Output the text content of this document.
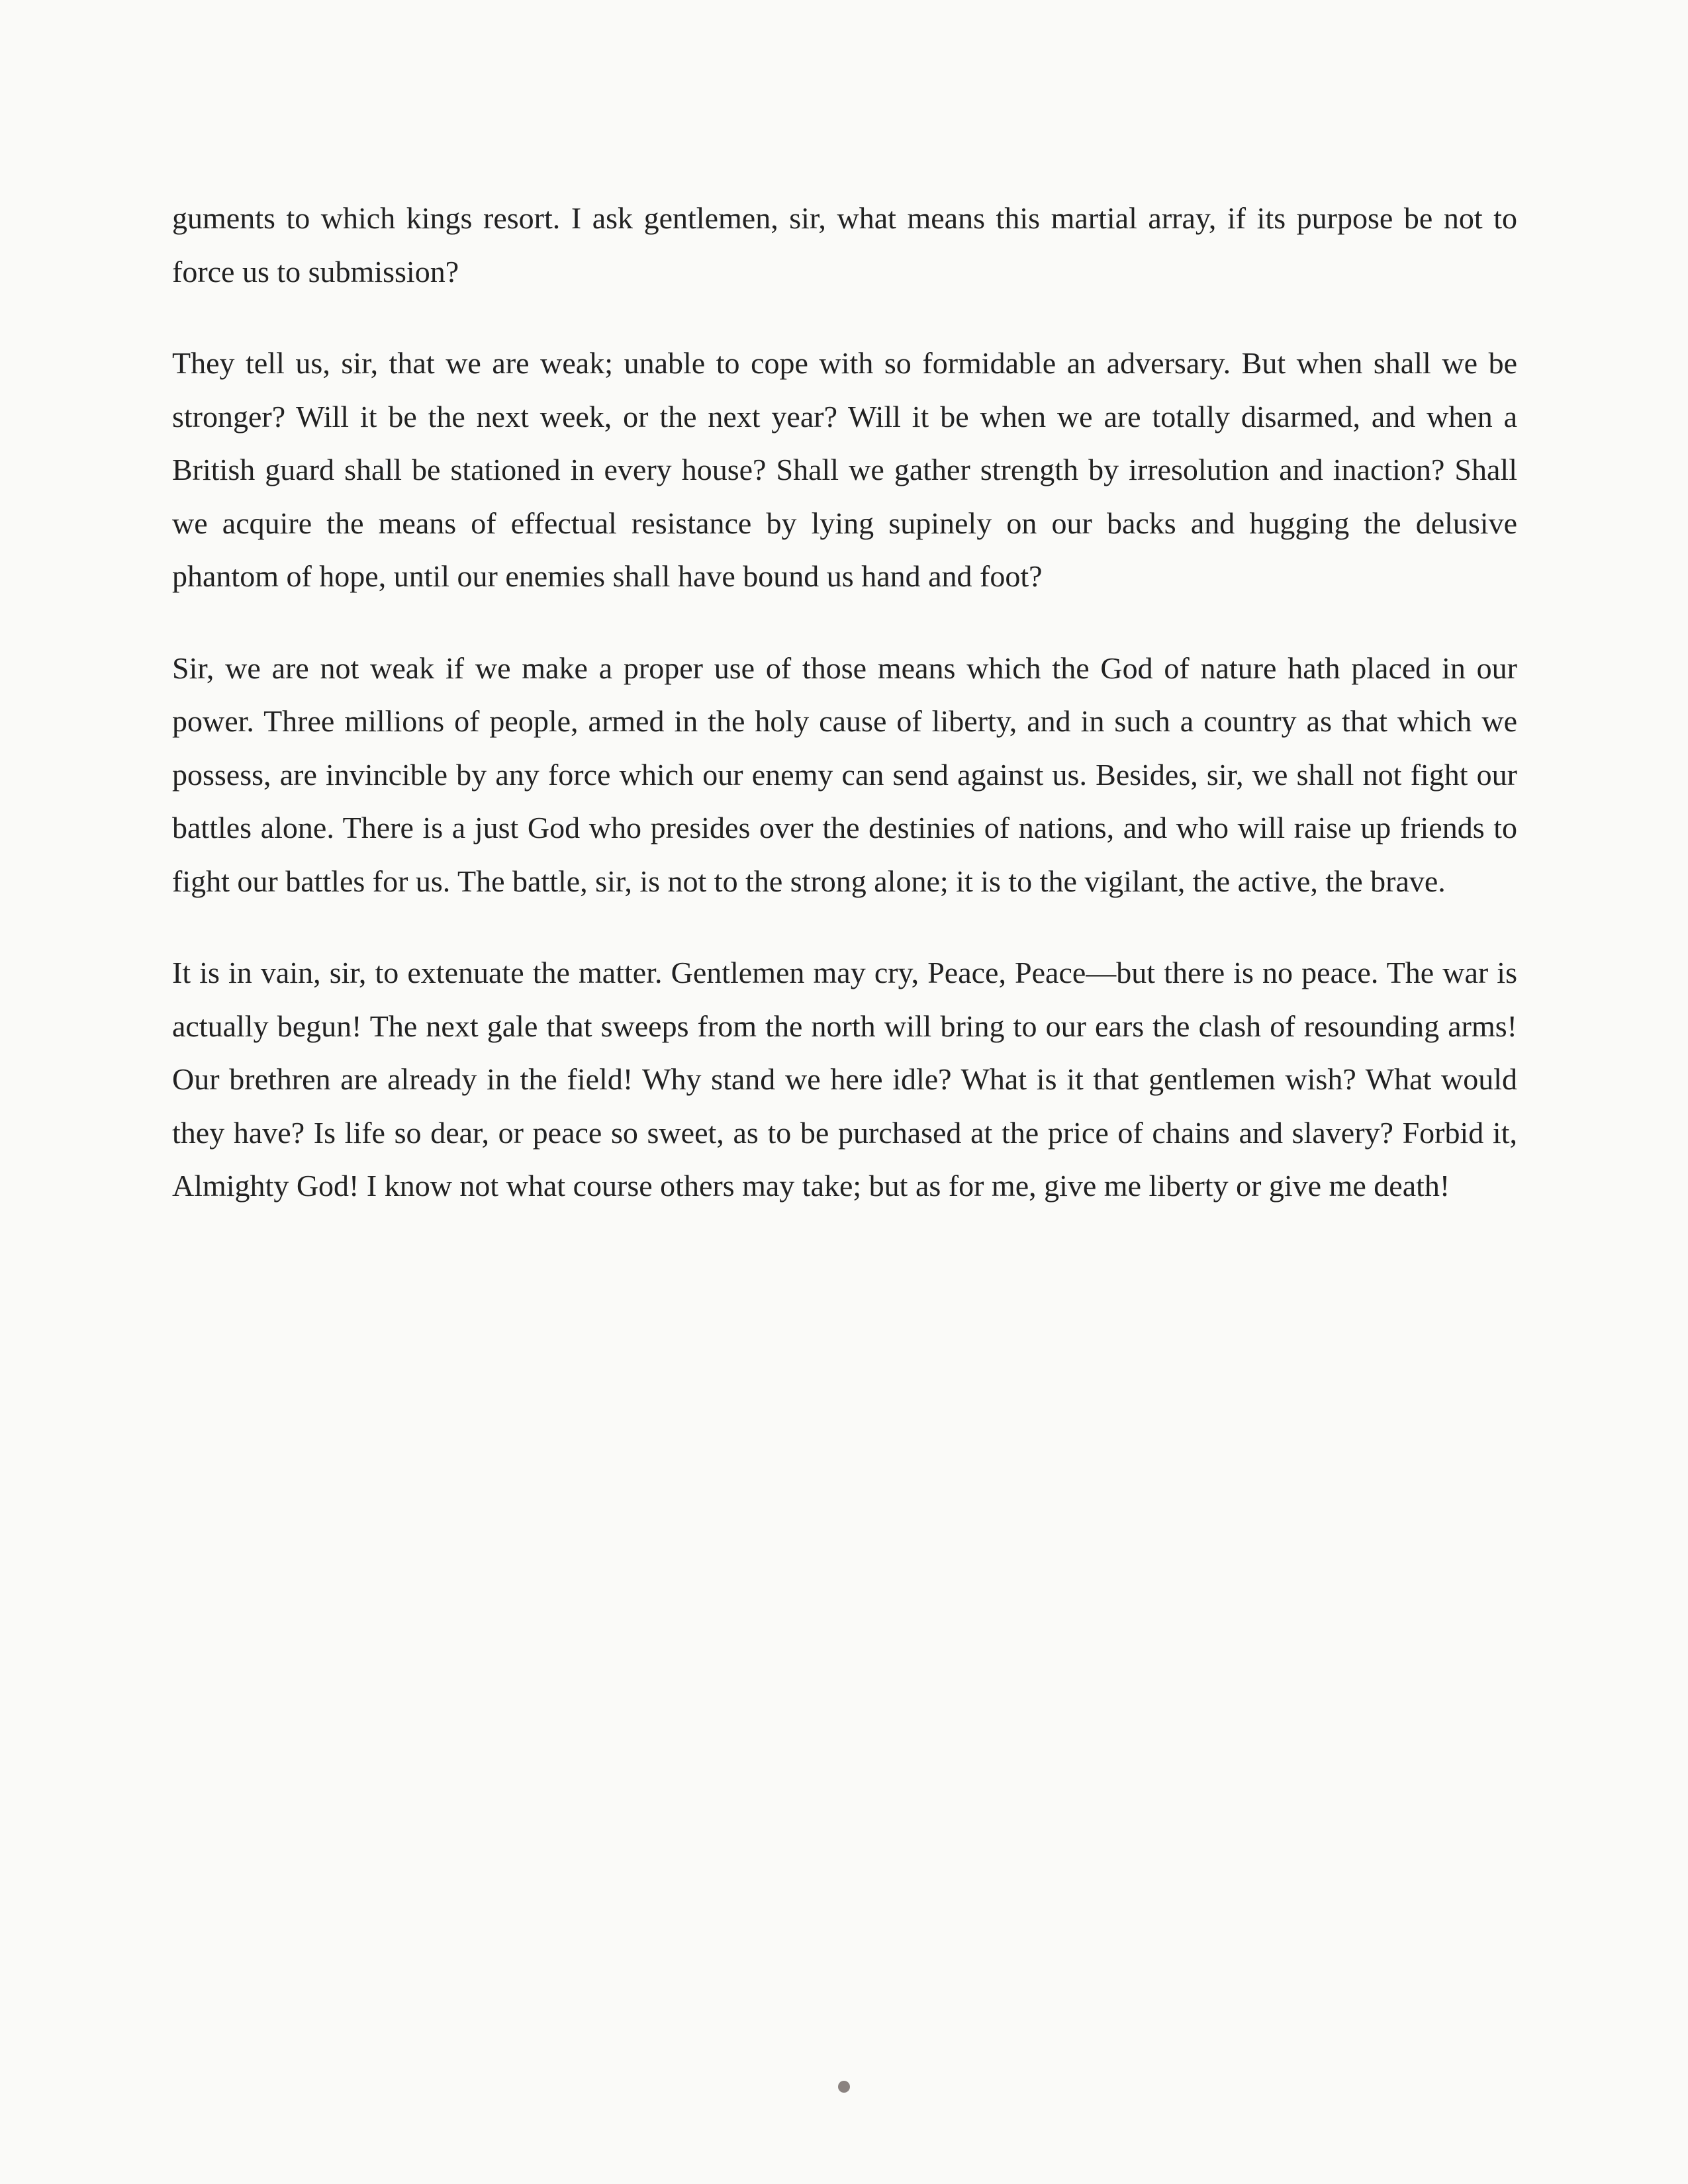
guments to which kings resort. I ask gentlemen, sir, what means this martial array, if its purpose be not to force us to submission?

They tell us, sir, that we are weak; unable to cope with so formidable an adversary. But when shall we be stronger? Will it be the next week, or the next year? Will it be when we are totally disarmed, and when a British guard shall be stationed in every house? Shall we gather strength by irresolution and inaction? Shall we acquire the means of effectual resistance by lying supinely on our backs and hugging the delusive phantom of hope, until our enemies shall have bound us hand and foot?

Sir, we are not weak if we make a proper use of those means which the God of nature hath placed in our power. Three millions of people, armed in the holy cause of liberty, and in such a country as that which we possess, are invincible by any force which our enemy can send against us. Besides, sir, we shall not fight our battles alone. There is a just God who presides over the destinies of nations, and who will raise up friends to fight our battles for us. The battle, sir, is not to the strong alone; it is to the vigilant, the active, the brave.

It is in vain, sir, to extenuate the matter. Gentlemen may cry, Peace, Peace—but there is no peace. The war is actually begun! The next gale that sweeps from the north will bring to our ears the clash of resounding arms! Our brethren are already in the field! Why stand we here idle? What is it that gentlemen wish? What would they have? Is life so dear, or peace so sweet, as to be purchased at the price of chains and slavery? Forbid it, Almighty God! I know not what course others may take; but as for me, give me liberty or give me death!
